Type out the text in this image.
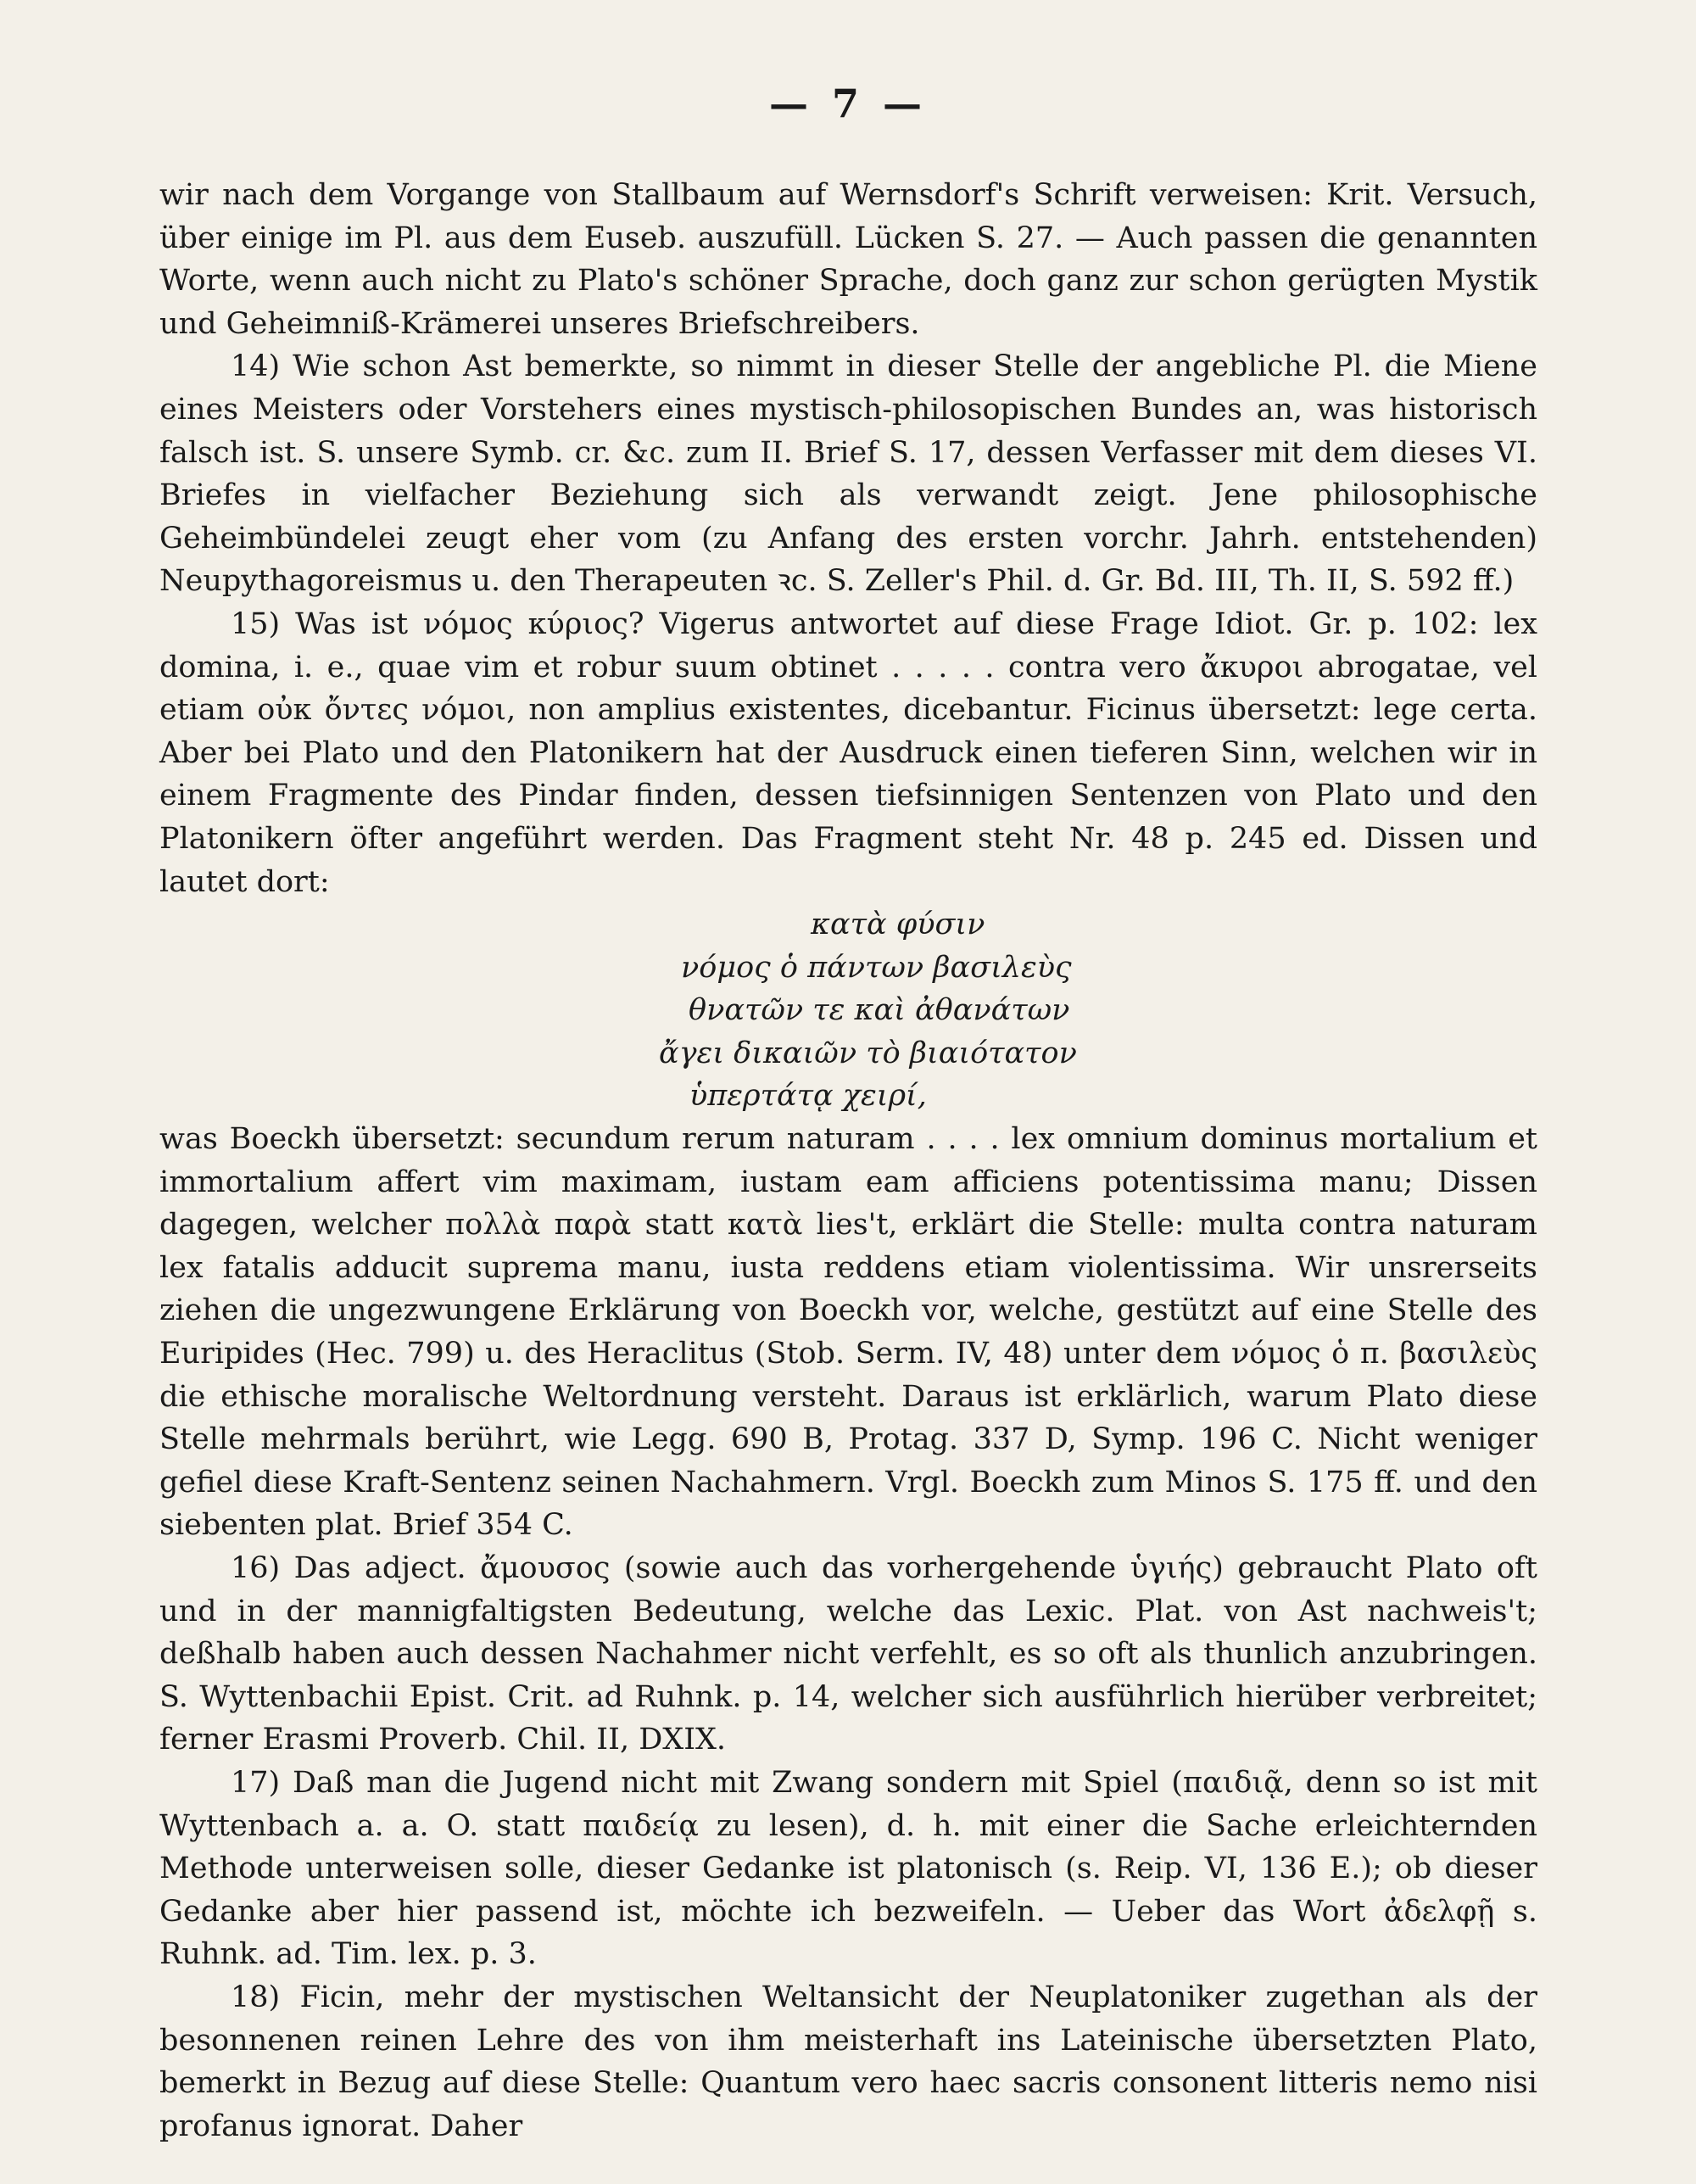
— 7 —

wir nach dem Vorgange von Stallbaum auf Wernsdorf's Schrift verweisen: Krit. Versuch, über einige im Pl. aus dem Euseb. auszufüll. Lücken S. 27. — Auch passen die genannten Worte, wenn auch nicht zu Plato's schöner Sprache, doch ganz zur schon gerügten Mystik und Geheimniß-Krämerei unseres Briefschreibers.

14) Wie schon Ast bemerkte, so nimmt in dieser Stelle der angebliche Pl. die Miene eines Meisters oder Vorstehers eines mystisch-philosopischen Bundes an, was historisch falsch ist. S. unsere Symb. cr. &c. zum II. Brief S. 17, dessen Verfasser mit dem dieses VI. Briefes in vielfacher Beziehung sich als verwandt zeigt. Jene philosophische Geheimbündelei zeugt eher vom (zu Anfang des ersten vorchr. Jahrh. entstehenden) Neupythagoreismus u. den Therapeuten ꝛc. S. Zeller's Phil. d. Gr. Bd. III, Th. II, S. 592 ff.)

15) Was ist νόμος κύριος? Vigerus antwortet auf diese Frage Idiot. Gr. p. 102: lex domina, i. e., quae vim et robur suum obtinet . . . . . contra vero ἄκυροι abrogatae, vel etiam οὐκ ὄντες νόμοι, non amplius existentes, dicebantur. Ficinus übersetzt: lege certa. Aber bei Plato und den Platonikern hat der Ausdruck einen tieferen Sinn, welchen wir in einem Fragmente des Pindar finden, dessen tiefsinnigen Sentenzen von Plato und den Platonikern öfter angeführt werden. Das Fragment steht Nr. 48 p. 245 ed. Dissen und lautet dort:

κατὰ φύσιν
νόμος ὁ πάντων βασιλεὺς
θνατῶν τε καὶ ἀθανάτων
ἄγει δικαιῶν τὸ βιαιότατον
ὑπερτάτᾳ χειρί,

was Boeckh übersetzt: secundum rerum naturam . . . . lex omnium dominus mortalium et immortalium affert vim maximam, iustam eam afficiens potentissima manu; Dissen dagegen, welcher πολλὰ παρὰ statt κατὰ lies't, erklärt die Stelle: multa contra naturam lex fatalis adducit suprema manu, iusta reddens etiam violentissima. Wir unsrerseits ziehen die ungezwungene Erklärung von Boeckh vor, welche, gestützt auf eine Stelle des Euripides (Hec. 799) u. des Heraclitus (Stob. Serm. IV, 48) unter dem νόμος ὁ π. βασιλεὺς die ethische moralische Weltordnung versteht. Daraus ist erklärlich, warum Plato diese Stelle mehrmals berührt, wie Legg. 690 B, Protag. 337 D, Symp. 196 C. Nicht weniger gefiel diese Kraft-Sentenz seinen Nachahmern. Vrgl. Boeckh zum Minos S. 175 ff. und den siebenten plat. Brief 354 C.

16) Das adject. ἄμουσος (sowie auch das vorhergehende ὑγιής) gebraucht Plato oft und in der mannigfaltigsten Bedeutung, welche das Lexic. Plat. von Ast nachweis't; deßhalb haben auch dessen Nachahmer nicht verfehlt, es so oft als thunlich anzubringen. S. Wyttenbachii Epist. Crit. ad Ruhnk. p. 14, welcher sich ausführlich hierüber verbreitet; ferner Erasmi Proverb. Chil. II, DXIX.

17) Daß man die Jugend nicht mit Zwang sondern mit Spiel (παιδιᾷ, denn so ist mit Wyttenbach a. a. O. statt παιδείᾳ zu lesen), d. h. mit einer die Sache erleichternden Methode unterweisen solle, dieser Gedanke ist platonisch (s. Reip. VI, 136 E.); ob dieser Gedanke aber hier passend ist, möchte ich bezweifeln. — Ueber das Wort ἀδελφῇ s. Ruhnk. ad. Tim. lex. p. 3.

18) Ficin, mehr der mystischen Weltansicht der Neuplatoniker zugethan als der besonnenen reinen Lehre des von ihm meisterhaft ins Lateinische übersetzten Plato, bemerkt in Bezug auf diese Stelle: Quantum vero haec sacris consonent litteris nemo nisi profanus ignorat. Daher
